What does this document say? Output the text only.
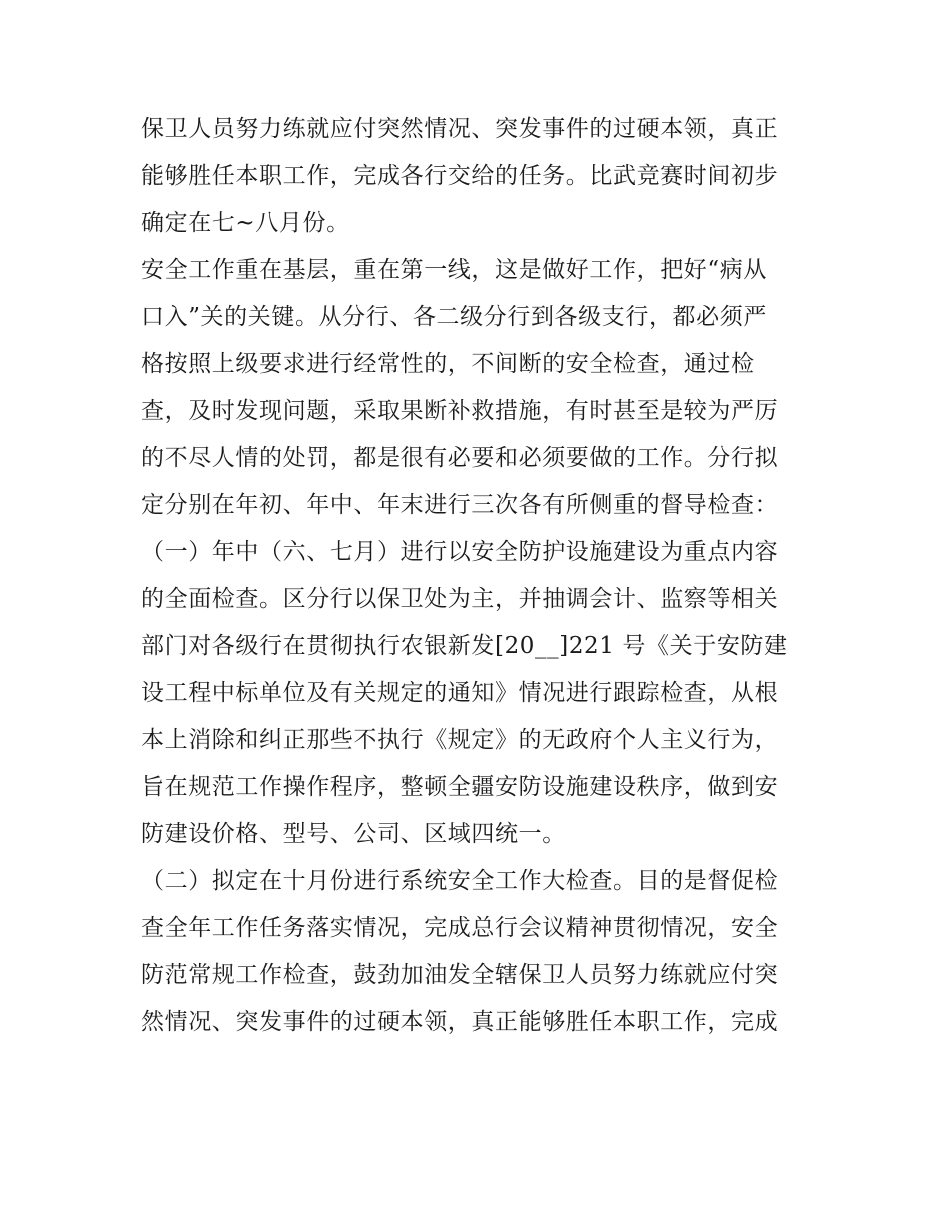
保卫人员努力练就应付突然情况、突发事件的过硬本领，真正
能够胜任本职工作，完成各行交给的任务。比武竞赛时间初步
确定在七~八月份。
安全工作重在基层，重在第一线，这是做好工作，把好“病从
口入”关的关键。从分行、各二级分行到各级支行，都必须严
格按照上级要求进行经常性的，不间断的安全检查，通过检
查，及时发现问题，采取果断补救措施，有时甚至是较为严厉
的不尽人情的处罚，都是很有必要和必须要做的工作。分行拟
定分别在年初、年中、年末进行三次各有所侧重的督导检查：
（一）年中（六、七月）进行以安全防护设施建设为重点内容
的全面检查。区分行以保卫处为主，并抽调会计、监察等相关
部门对各级行在贯彻执行农银新发[20__]221 号《关于安防建
设工程中标单位及有关规定的通知》情况进行跟踪检查，从根
本上消除和纠正那些不执行《规定》的无政府个人主义行为，
旨在规范工作操作程序，整顿全疆安防设施建设秩序，做到安
防建设价格、型号、公司、区域四统一。
（二）拟定在十月份进行系统安全工作大检查。目的是督促检
查全年工作任务落实情况，完成总行会议精神贯彻情况，安全
防范常规工作检查，鼓劲加油发全辖保卫人员努力练就应付突
然情况、突发事件的过硬本领，真正能够胜任本职工作，完成
